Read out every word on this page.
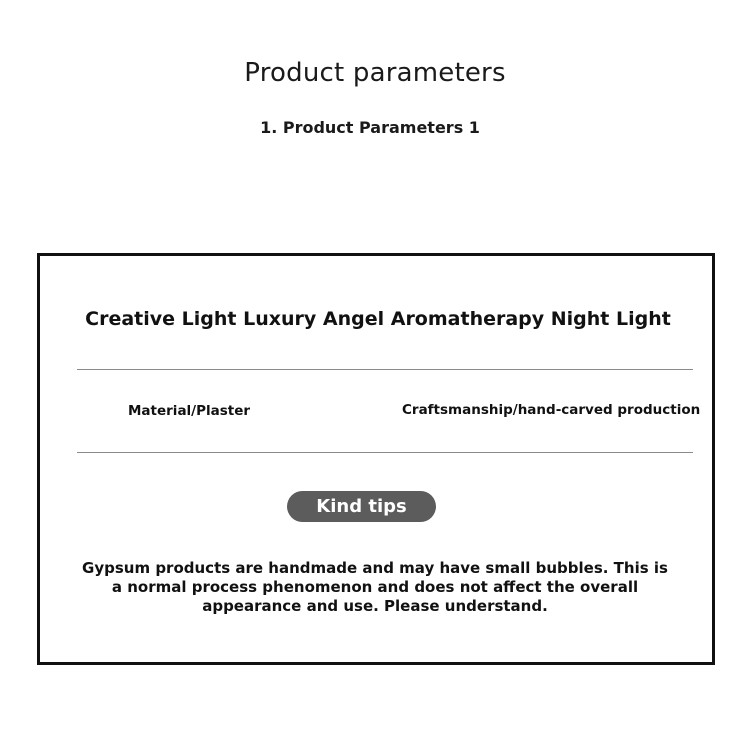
Product parameters
1. Product Parameters 1
Creative Light Luxury Angel Aromatherapy Night Light
Material/Plaster	Craftsmanship/hand-carved production
Kind tips
Gypsum products are handmade and may have small bubbles. This is a normal process phenomenon and does not affect the overall appearance and use. Please understand.
